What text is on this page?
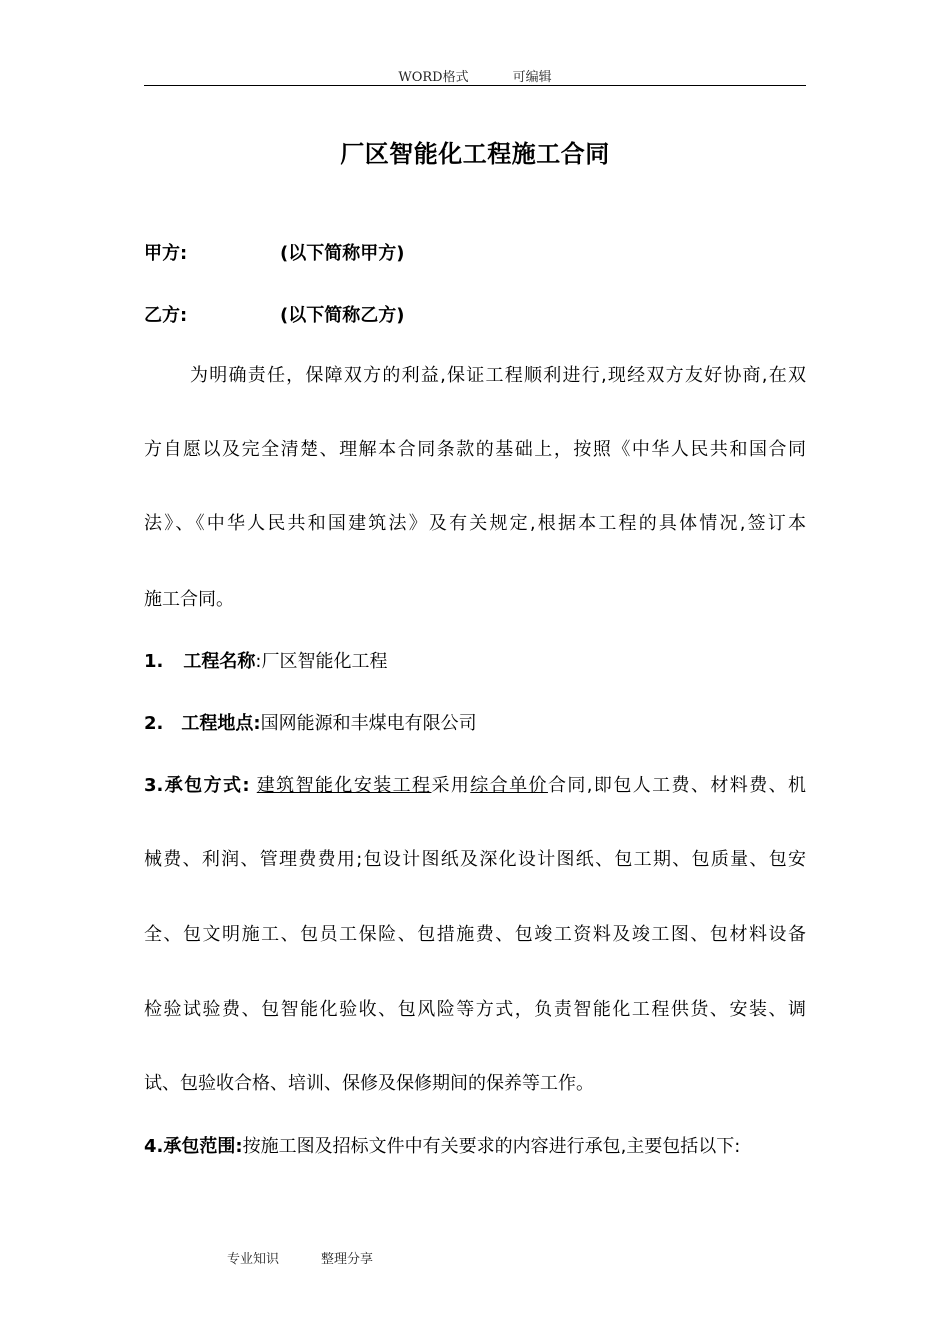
WORD格式	可编辑
厂区智能化工程施工合同
甲方:	(以下简称甲方)
乙方:	(以下简称乙方)
为明确责任，保障双方的利益,保证工程顺利进行,现经双方友好协商,在双
方自愿以及完全清楚、理解本合同条款的基础上，按照《中华人民共和国合同
法》、《中华人民共和国建筑法》及有关规定,根据本工程的具体情况,签订本
施工合同。
1. 工程名称:厂区智能化工程
2. 工程地点:国网能源和丰煤电有限公司
3.承包方式: 建筑智能化安装工程采用综合单价合同,即包人工费、材料费、机
械费、利润、管理费费用;包设计图纸及深化设计图纸、包工期、包质量、包安
全、包文明施工、包员工保险、包措施费、包竣工资料及竣工图、包材料设备
检验试验费、包智能化验收、包风险等方式，负责智能化工程供货、安装、调
试、包验收合格、培训、保修及保修期间的保养等工作。
4.承包范围:按施工图及招标文件中有关要求的内容进行承包,主要包括以下:
专业知识	整理分享
